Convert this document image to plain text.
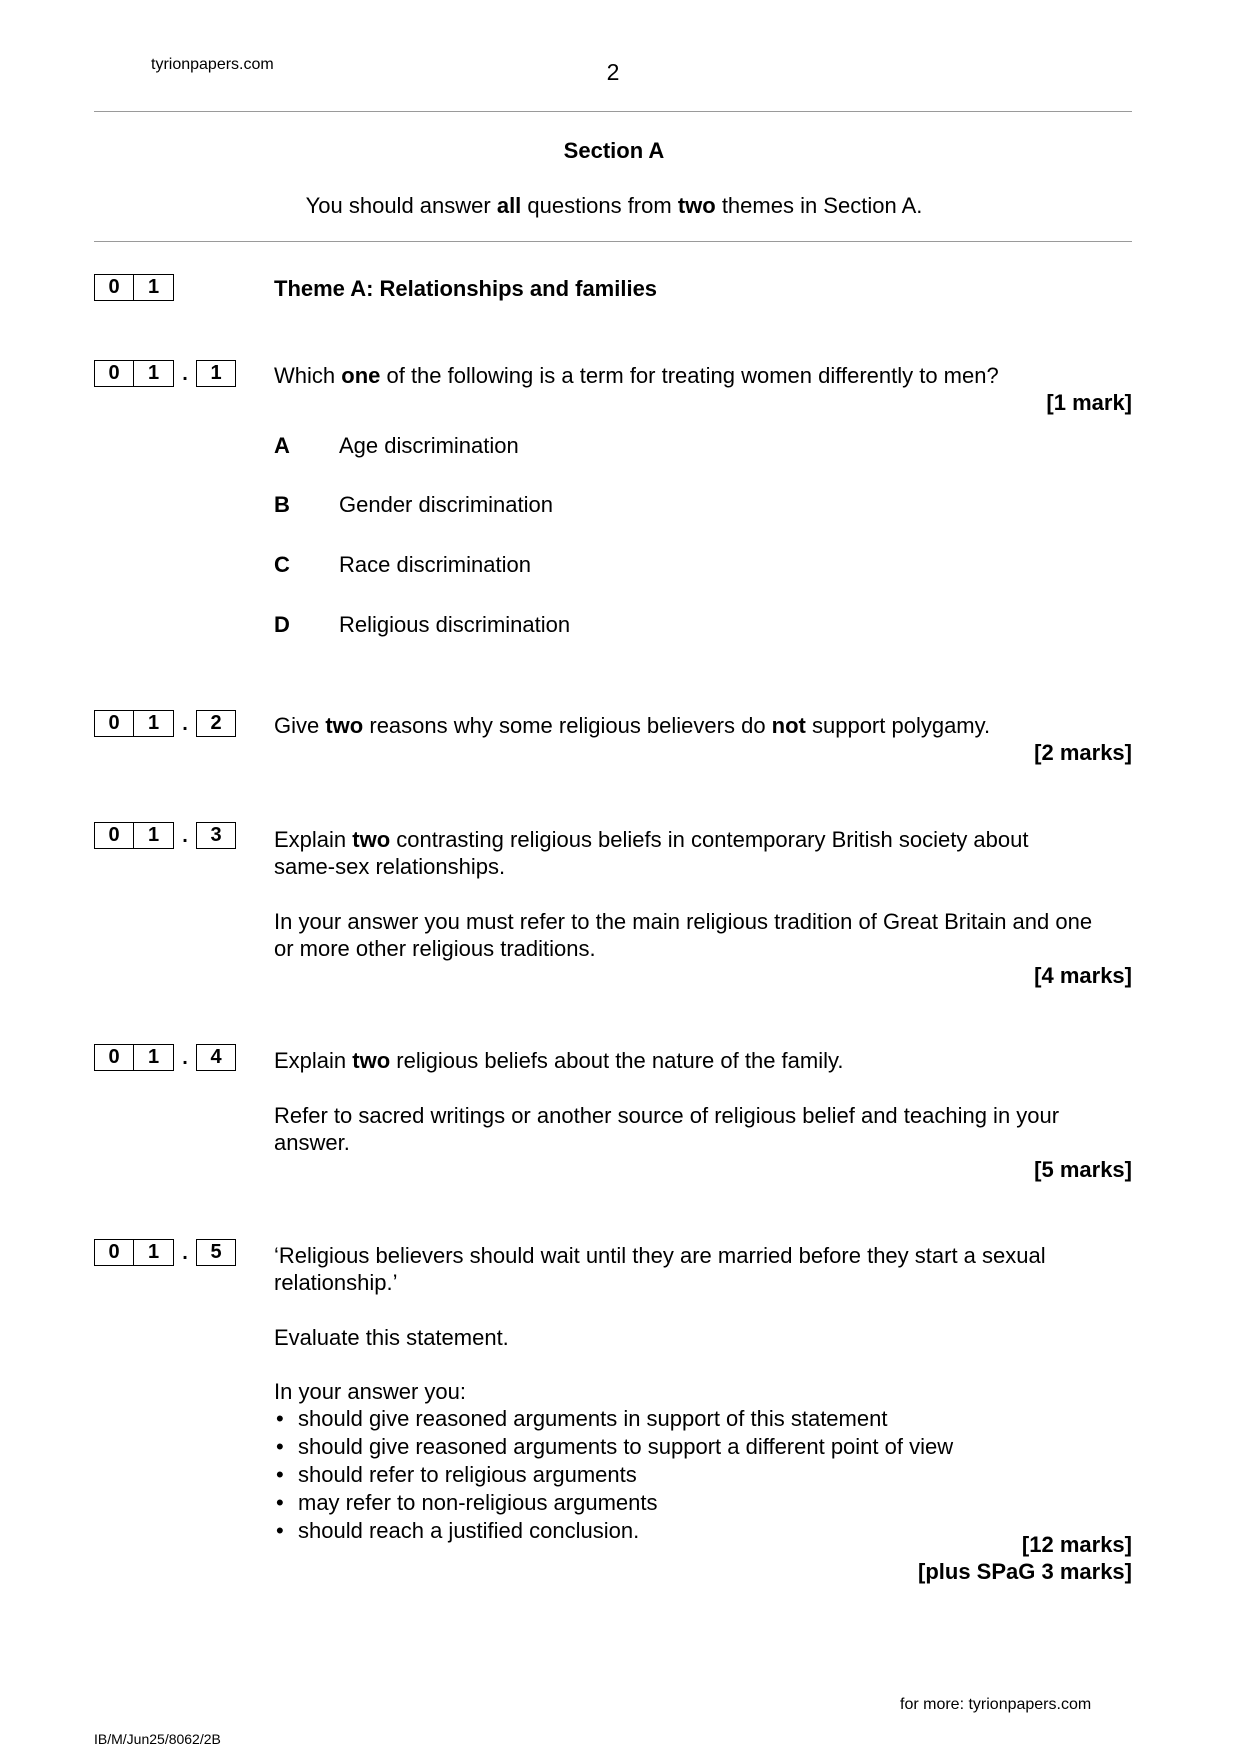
tyrionpapers.com	2
Section A
You should answer all questions from two themes in Section A.
0	1	Theme A: Relationships and families
0	1	.	1	Which one of the following is a term for treating women differently to men?
[1 mark]
A Age discrimination
B Gender discrimination
C Race discrimination
D Religious discrimination
0	1	.	2	Give two reasons why some religious believers do not support polygamy.
[2 marks]
0	1	.	3	Explain two contrasting religious beliefs in contemporary British society about same-sex relationships.
In your answer you must refer to the main religious tradition of Great Britain and one or more other religious traditions.
[4 marks]
0	1	.	4	Explain two religious beliefs about the nature of the family.
Refer to sacred writings or another source of religious belief and teaching in your answer.
[5 marks]
0	1	.	5	‘Religious believers should wait until they are married before they start a sexual relationship.’
Evaluate this statement.
In your answer you:
• should give reasoned arguments in support of this statement
• should give reasoned arguments to support a different point of view
• should refer to religious arguments
• may refer to non-religious arguments
• should reach a justified conclusion.
[12 marks]
[plus SPaG 3 marks]
for more: tyrionpapers.com
IB/M/Jun25/8062/2B
